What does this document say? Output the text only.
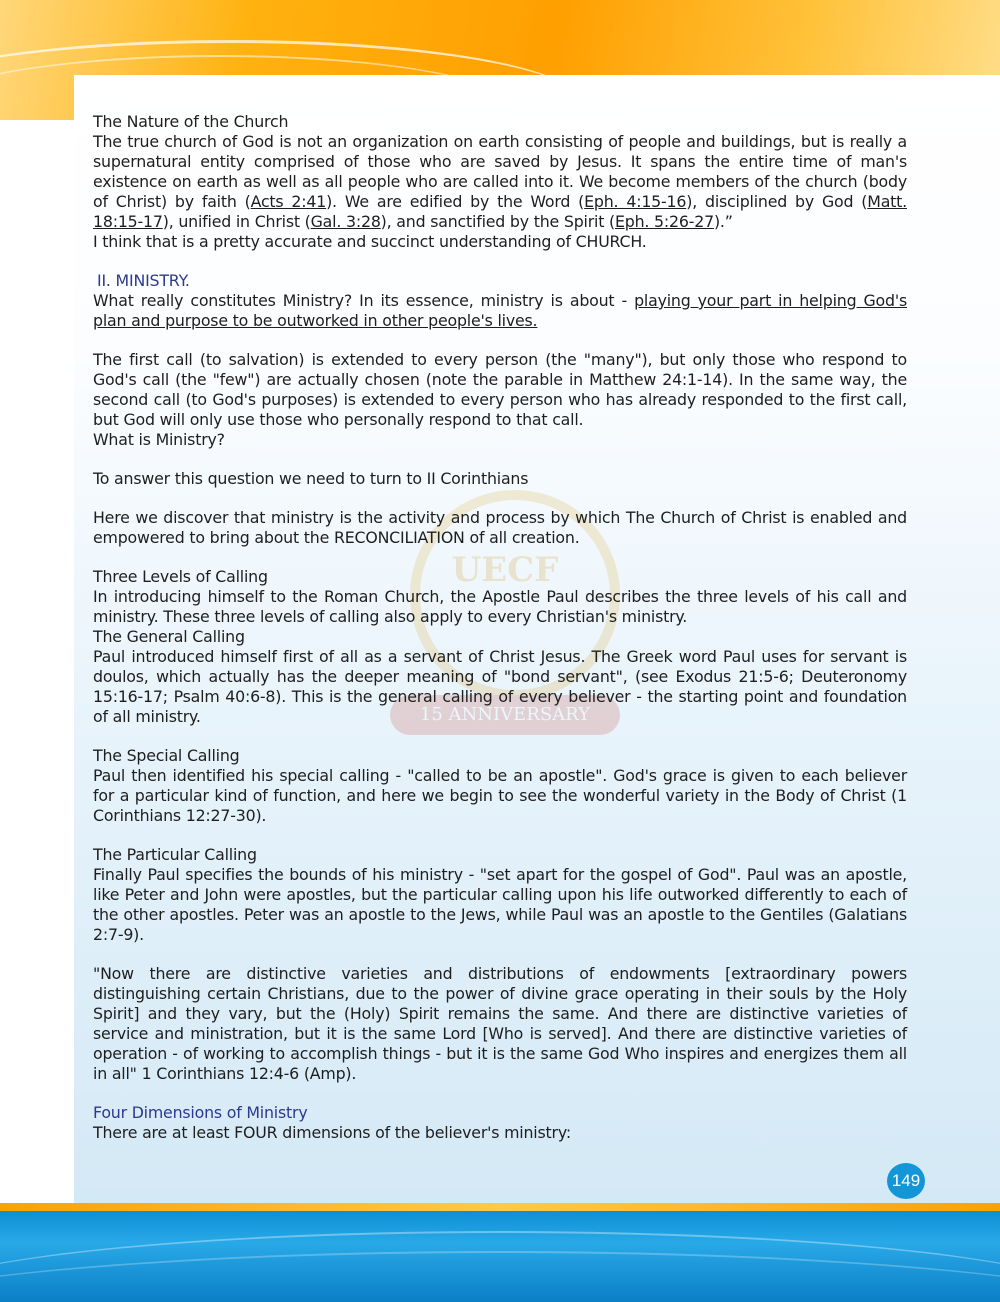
UECF
15 ANNIVERSARY

The Nature of the Church

The true church of God is not an organization on earth consisting of people and buildings, but is really a supernatural entity comprised of those who are saved by Jesus. It spans the entire time of man's existence on earth as well as all people who are called into it. We become members of the church (body of Christ) by faith (Acts 2:41). We are edified by the Word (Eph. 4:15-16), disciplined by God (Matt. 18:15-17), unified in Christ (Gal. 3:28), and sanctified by the Spirit (Eph. 5:26-27).”

I think that is a pretty accurate and succinct understanding of CHURCH.

II. MINISTRY.

What really constitutes Ministry? In its essence, ministry is about - playing your part in helping God's plan and purpose to be outworked in other people's lives.

The first call (to salvation) is extended to every person (the "many"), but only those who respond to God's call (the "few") are actually chosen (note the parable in Matthew 24:1-14). In the same way, the second call (to God's purposes) is extended to every person who has already responded to the first call, but God will only use those who personally respond to that call.

What is Ministry?

To answer this question we need to turn to II Corinthians

Here we discover that ministry is the activity and process by which The Church of Christ is enabled and empowered to bring about the RECONCILIATION of all creation.

Three Levels of Calling

In introducing himself to the Roman Church, the Apostle Paul describes the three levels of his call and ministry. These three levels of calling also apply to every Christian's ministry.

The General Calling

Paul introduced himself first of all as a servant of Christ Jesus. The Greek word Paul uses for servant is doulos, which actually has the deeper meaning of "bond servant", (see Exodus 21:5-6; Deuteronomy 15:16-17; Psalm 40:6-8). This is the general calling of every believer - the starting point and foundation of all ministry.

The Special Calling

Paul then identified his special calling - "called to be an apostle". God's grace is given to each believer for a particular kind of function, and here we begin to see the wonderful variety in the Body of Christ (1 Corinthians 12:27-30).

The Particular Calling

Finally Paul specifies the bounds of his ministry - "set apart for the gospel of God". Paul was an apostle, like Peter and John were apostles, but the particular calling upon his life outworked differently to each of the other apostles. Peter was an apostle to the Jews, while Paul was an apostle to the Gentiles (Galatians 2:7-9).

"Now there are distinctive varieties and distributions of endowments [extraordinary powers distinguishing certain Christians, due to the power of divine grace operating in their souls by the Holy Spirit] and they vary, but the (Holy) Spirit remains the same. And there are distinctive varieties of service and ministration, but it is the same Lord [Who is served]. And there are distinctive varieties of operation - of working to accomplish things - but it is the same God Who inspires and energizes them all in all" 1 Corinthians 12:4-6 (Amp).

Four Dimensions of Ministry

There are at least FOUR dimensions of the believer's ministry:

149
